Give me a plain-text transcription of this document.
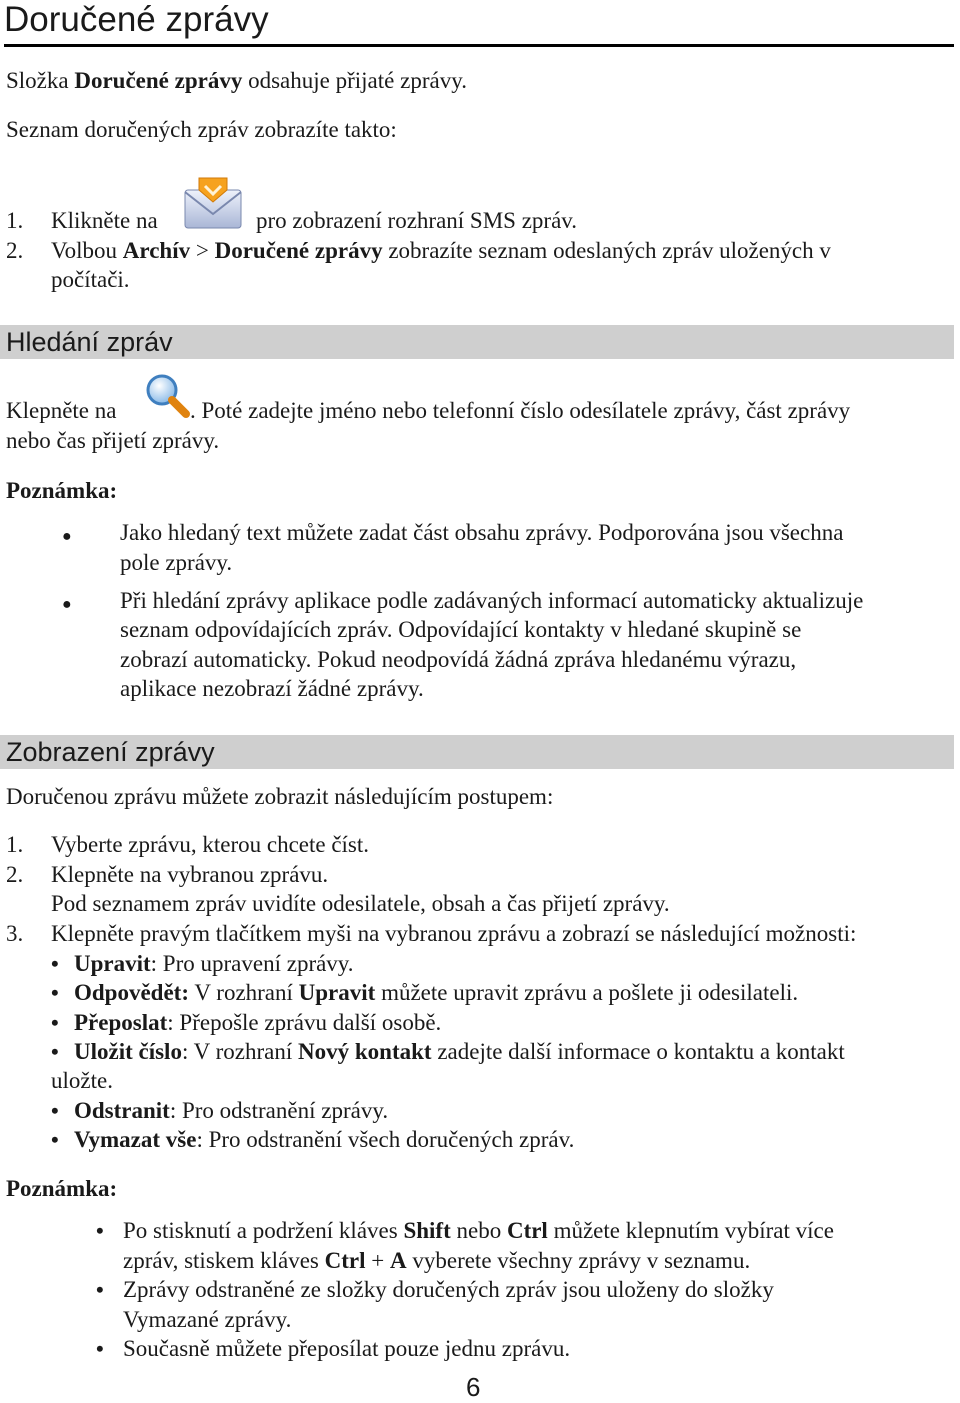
Doručené zprávy
Složka Doručené zprávy odsahuje přijaté zprávy.
Seznam doručených zpráv zobrazíte takto:
1. Klikněte na	pro zobrazení rozhraní SMS zpráv.
2. Volbou Archív > Doručené zprávy zobrazíte seznam odeslaných zpráv uložených v
počítači.
Hledání zpráv
Klepněte na	. Poté zadejte jméno nebo telefonní číslo odesílatele zprávy, část zprávy
nebo čas přijetí zprávy.
Poznámka:
● Jako hledaný text můžete zadat část obsahu zprávy. Podporována jsou všechna
pole zprávy.
● Při hledání zprávy aplikace podle zadávaných informací automaticky aktualizuje
seznam odpovídajících zpráv. Odpovídající kontakty v hledané skupině se
zobrazí automaticky. Pokud neodpovídá žádná zpráva hledanému výrazu,
aplikace nezobrazí žádné zprávy.
Zobrazení zprávy
Doručenou zprávu můžete zobrazit následujícím postupem:
1. Vyberte zprávu, kterou chcete číst.
2. Klepněte na vybranou zprávu.
Pod seznamem zpráv uvidíte odesilatele, obsah a čas přijetí zprávy.
3. Klepněte pravým tlačítkem myši na vybranou zprávu a zobrazí se následující možnosti:
• Upravit: Pro upravení zprávy.
• Odpovědět: V rozhraní Upravit můžete upravit zprávu a pošlete ji odesilateli.
• Přeposlat: Přepošle zprávu další osobě.
• Uložit číslo: V rozhraní Nový kontakt zadejte další informace o kontaktu a kontakt
uložte.
• Odstranit: Pro odstranění zprávy.
• Vymazat vše: Pro odstranění všech doručených zpráv.
Poznámka:
• Po stisknutí a podržení kláves Shift nebo Ctrl můžete klepnutím vybírat více
zpráv, stiskem kláves Ctrl + A vyberete všechny zprávy v seznamu.
• Zprávy odstraněné ze složky doručených zpráv jsou uloženy do složky
Vymazané zprávy.
• Současně můžete přeposílat pouze jednu zprávu.
6
